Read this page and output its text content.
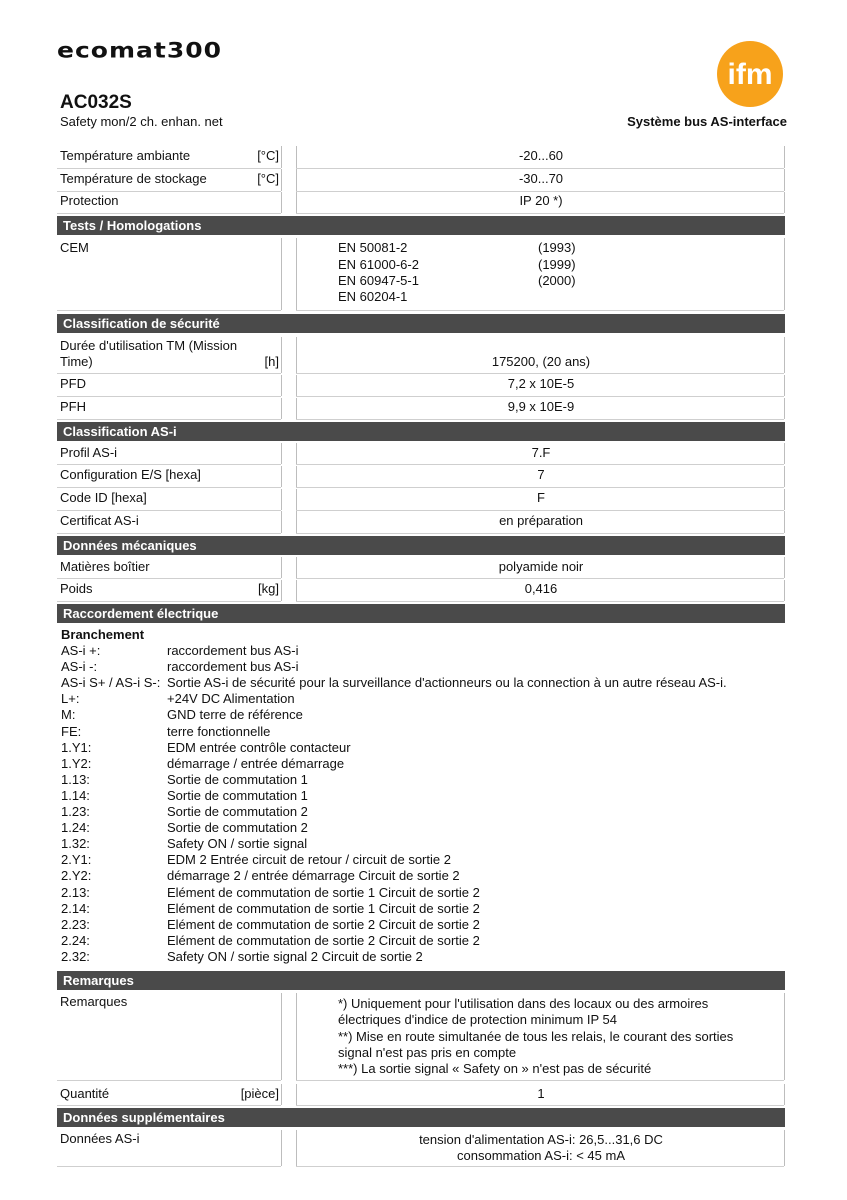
ecomat300
ifm
AC032S
Safety mon/2 ch. enhan. net	Système bus AS-interface
Température ambiante	[°C]	-20...60
Température de stockage	[°C]	-30...70
Protection	IP 20 *)
Tests / Homologations
CEM	EN 50081-2	(1993)
EN 61000-6-2	(1999)
EN 60947-5-1	(2000)
EN 60204-1
Classification de sécurité
Durée d'utilisation TM (Mission Time)	[h]	175200, (20 ans)
PFD	7,2 x 10E-5
PFH	9,9 x 10E-9
Classification AS-i
Profil AS-i	7.F
Configuration E/S [hexa]	7
Code ID [hexa]	F
Certificat AS-i	en préparation
Données mécaniques
Matières boîtier	polyamide noir
Poids	[kg]	0,416
Raccordement électrique
Branchement
AS-i +:	raccordement bus AS-i
AS-i -:	raccordement bus AS-i
AS-i S+ / AS-i S-: Sortie AS-i de sécurité pour la surveillance d'actionneurs ou la connection à un autre réseau AS-i.
L+:	+24V DC Alimentation
M:	GND terre de référence
FE:	terre fonctionnelle
1.Y1:	EDM entrée contrôle contacteur
1.Y2:	démarrage / entrée démarrage
1.13:	Sortie de commutation 1
1.14:	Sortie de commutation 1
1.23:	Sortie de commutation 2
1.24:	Sortie de commutation 2
1.32:	Safety ON / sortie signal
2.Y1:	EDM 2 Entrée circuit de retour / circuit de sortie 2
2.Y2:	démarrage 2 / entrée démarrage Circuit de sortie 2
2.13:	Elément de commutation de sortie 1 Circuit de sortie 2
2.14:	Elément de commutation de sortie 1 Circuit de sortie 2
2.23:	Elément de commutation de sortie 2 Circuit de sortie 2
2.24:	Elément de commutation de sortie 2 Circuit de sortie 2
2.32:	Safety ON / sortie signal 2 Circuit de sortie 2
Remarques
Remarques	*) Uniquement pour l'utilisation dans des locaux ou des armoires
électriques d'indice de protection minimum IP 54
**) Mise en route simultanée de tous les relais, le courant des sorties
signal n'est pas pris en compte
***) La sortie signal « Safety on » n'est pas de sécurité
Quantité	[pièce]	1
Données supplémentaires
Données AS-i	tension d'alimentation AS-i: 26,5...31,6 DC
consommation AS-i: < 45 mA
